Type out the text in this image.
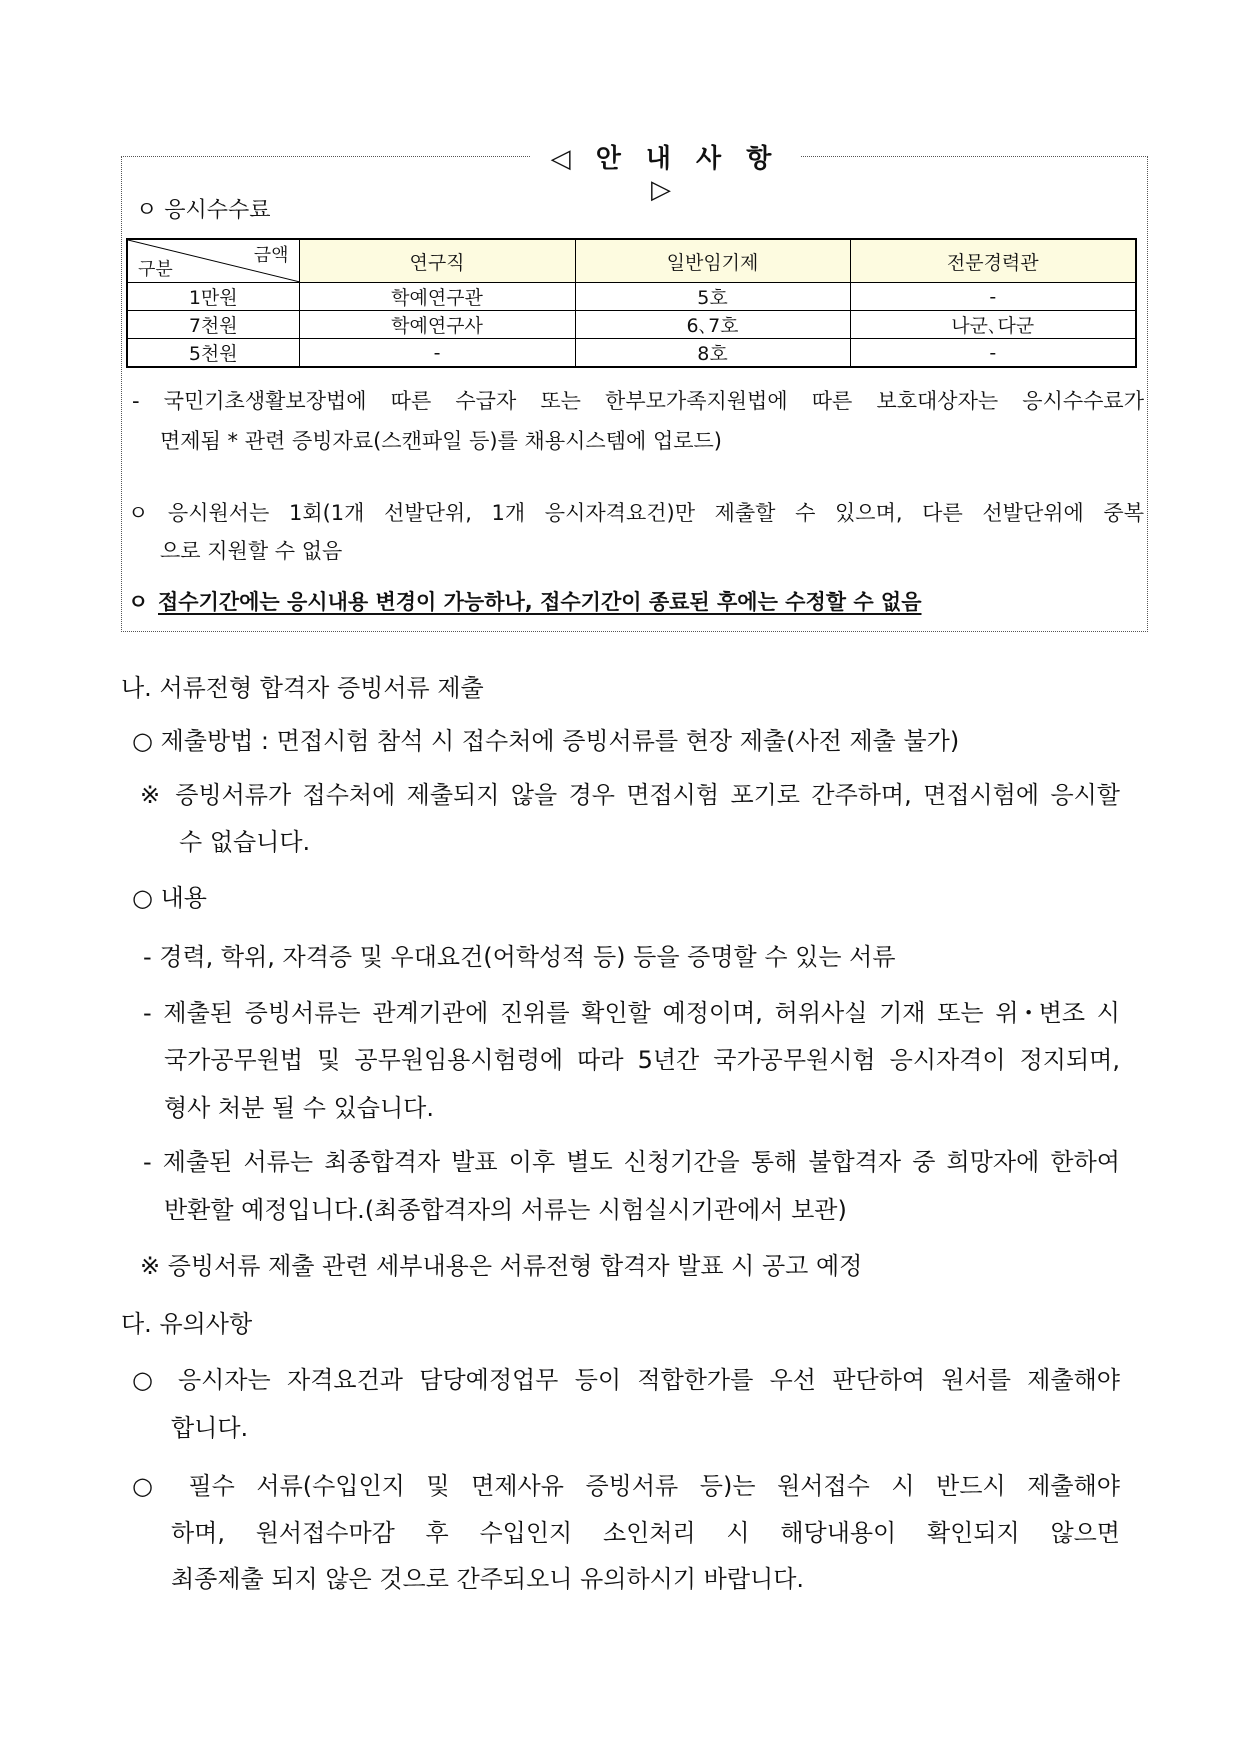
◁ 안 내 사 항 ▷
ㅇ 응시수수료
금액
구분	연구직	일반임기제	전문경력관
1만원	학예연구관	5호	-
7천원	학예연구사	6､7호	나군､다군
5천원	-	8호	-
- 국민기초생활보장법에 따른 수급자 또는 한부모가족지원법에 따른 보호대상자는 응시수수료가
면제됨 * 관련 증빙자료(스캔파일 등)를 채용시스템에 업로드)
ㅇ 응시원서는 1회(1개 선발단위, 1개 응시자격요건)만 제출할 수 있으며, 다른 선발단위에 중복
으로 지원할 수 없음
ㅇ 접수기간에는 응시내용 변경이 가능하나, 접수기간이 종료된 후에는 수정할 수 없음
나. 서류전형 합격자 증빙서류 제출
○ 제출방법 : 면접시험 참석 시 접수처에 증빙서류를 현장 제출(사전 제출 불가)
※ 증빙서류가 접수처에 제출되지 않을 경우 면접시험 포기로 간주하며, 면접시험에 응시할
수 없습니다.
○ 내용
- 경력, 학위, 자격증 및 우대요건(어학성적 등) 등을 증명할 수 있는 서류
- 제출된 증빙서류는 관계기관에 진위를 확인할 예정이며, 허위사실 기재 또는 위･변조 시
국가공무원법 및 공무원임용시험령에 따라 5년간 국가공무원시험 응시자격이 정지되며,
형사 처분 될 수 있습니다.
- 제출된 서류는 최종합격자 발표 이후 별도 신청기간을 통해 불합격자 중 희망자에 한하여
반환할 예정입니다.(최종합격자의 서류는 시험실시기관에서 보관)
※ 증빙서류 제출 관련 세부내용은 서류전형 합격자 발표 시 공고 예정
다. 유의사항
○ 응시자는 자격요건과 담당예정업무 등이 적합한가를 우선 판단하여 원서를 제출해야
합니다.
○ 필수 서류(수입인지 및 면제사유 증빙서류 등)는 원서접수 시 반드시 제출해야
하며, 원서접수마감 후 수입인지 소인처리 시 해당내용이 확인되지 않으면
최종제출 되지 않은 것으로 간주되오니 유의하시기 바랍니다.
